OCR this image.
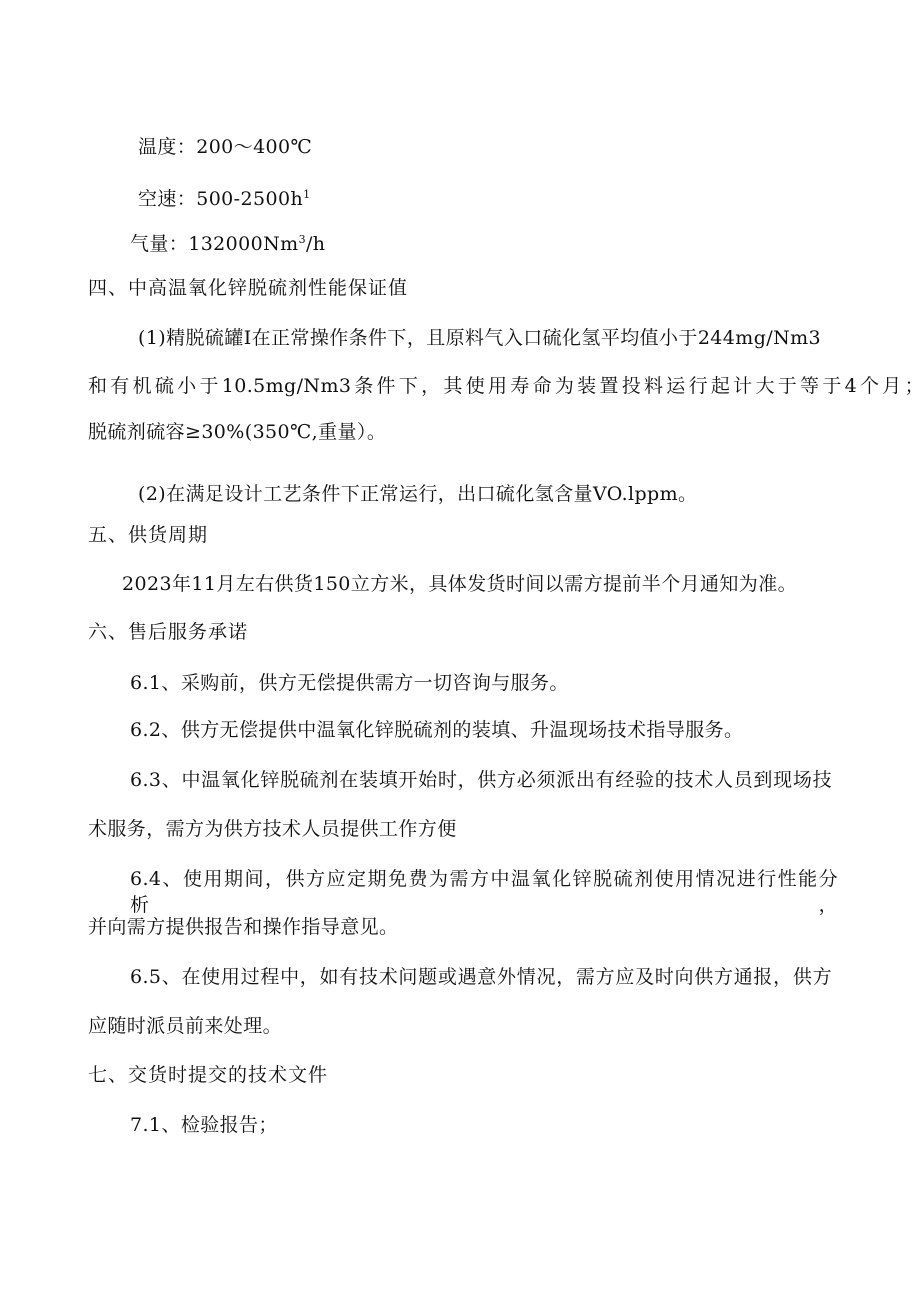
温度：200～400℃
空速：$500-2500h^1$
气量：132000Nm$^3$/h
四、中高温氧化锌脱硫剂性能保证值
(1)精脱硫罐I在正常操作条件下，且原料气入口硫化氢平均值小于244mg/Nm3
和有机硫小于10.5mg/Nm3条件下，其使用寿命为装置投料运行起计大于等于4个月；
脱硫剂硫容≥30%(350℃,重量）。
(2)在满足设计工艺条件下正常运行，出口硫化氢含量VO.lppm。
五、供货周期
2023年11月左右供货150立方米，具体发货时间以需方提前半个月通知为准。
六、售后服务承诺
6.1、采购前，供方无偿提供需方一切咨询与服务。
6.2、供方无偿提供中温氧化锌脱硫剂的装填、升温现场技术指导服务。
6.3、中温氧化锌脱硫剂在装填开始时，供方必须派出有经验的技术人员到现场技
术服务，需方为供方技术人员提供工作方便
6.4、使用期间，供方应定期免费为需方中温氧化锌脱硫剂使用情况进行性能分析，
并向需方提供报告和操作指导意见。
6.5、在使用过程中，如有技术问题或遇意外情况，需方应及时向供方通报，供方
应随时派员前来处理。
七、交货时提交的技术文件
7.1、检验报告；
